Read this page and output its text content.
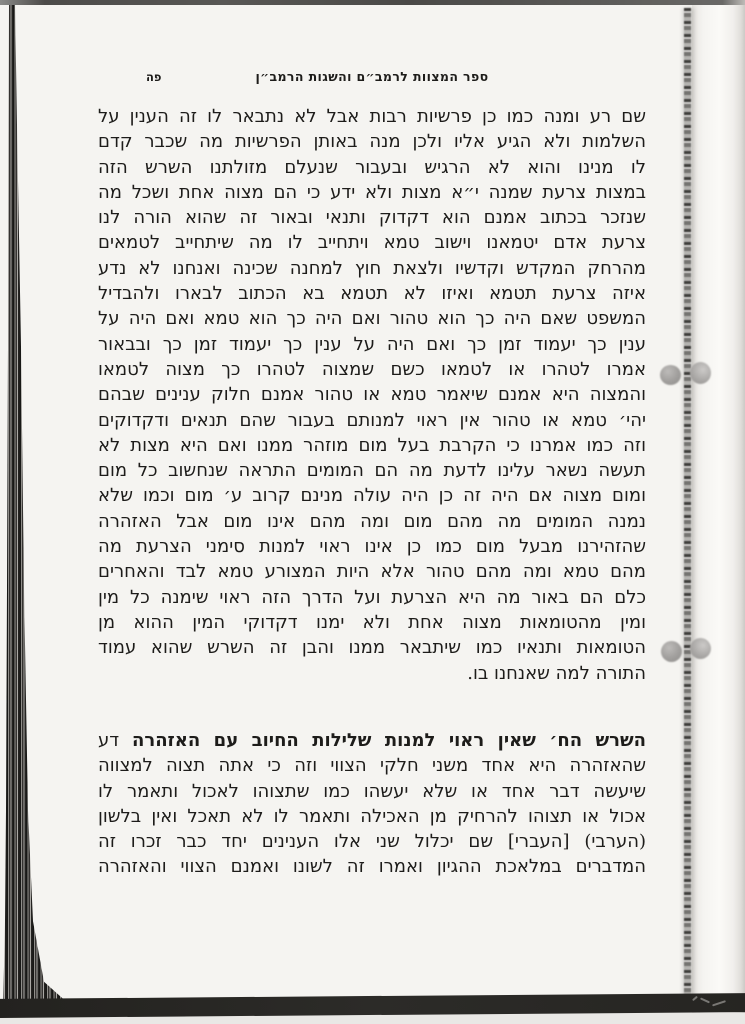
ספר המצוות לרמב״ם והשגות הרמב״ן
פה
שם רע ומנה כמו כן פרשיות רבות אבל לא נתבאר לו זה הענין על
השלמות ולא הגיע אליו ולכן מנה באותן הפרשיות מה שכבר קדם
לו מנינו והוא לא הרגיש ובעבור שנעלם מזולתנו השרש הזה
במצות צרעת שמנה י״א מצות ולא ידע כי הם מצוה אחת ושכל מה
שנזכר בכתוב אמנם הוא דקדוק ותנאי ובאור זה שהוא הורה לנו
צרעת אדם יטמאנו וישוב טמא ויתחייב לו מה שיתחייב לטמאים
מהרחק המקדש וקדשיו ולצאת חוץ למחנה שכינה ואנחנו לא נדע
איזה צרעת תטמא ואיזו לא תטמא בא הכתוב לבארו ולהבדיל
המשפט שאם היה כך הוא טהור ואם היה כך הוא טמא ואם היה על
ענין כך יעמוד זמן כך ואם היה על ענין כך יעמוד זמן כך ובבאור
אמרו לטהרו או לטמאו כשם שמצוה לטהרו כך מצוה לטמאו
והמצוה היא אמנם שיאמר טמא או טהור אמנם חלוק ענינים שבהם
יהי׳ טמא או טהור אין ראוי למנותם בעבור שהם תנאים ודקדוקים
וזה כמו אמרנו כי הקרבת בעל מום מוזהר ממנו ואם היא מצות לא
תעשה נשאר עלינו לדעת מה הם המומים התראה שנחשוב כל מום
ומום מצוה אם היה זה כן היה עולה מנינם קרוב ע׳ מום וכמו שלא
נמנה המומים מה מהם מום ומה מהם אינו מום אבל האזהרה
שהזהירנו מבעל מום כמו כן אינו ראוי למנות סימני הצרעת מה
מהם טמא ומה מהם טהור אלא היות המצורע טמא לבד והאחרים
כלם הם באור מה היא הצרעת ועל הדרך הזה ראוי שימנה כל מין
ומין מהטומאות מצוה אחת ולא ימנו דקדוקי המין ההוא מן
הטומאות ותנאיו כמו שיתבאר ממנו והבן זה השרש שהוא עמוד
התורה למה שאנחנו בו.
השרש הח׳ שאין ראוי למנות שלילות החיוב עם האזהרה דע
שהאזהרה היא אחד משני חלקי הצווי וזה כי אתה תצוה למצווה
שיעשה דבר אחד או שלא יעשהו כמו שתצוהו לאכול ותאמר לו
אכול או תצוהו להרחיק מן האכילה ותאמר לו לא תאכל ואין בלשון
(הערבי) [העברי] שם יכלול שני אלו הענינים יחד כבר זכרו זה
המדברים במלאכת ההגיון ואמרו זה לשונו ואמנם הצווי והאזהרה
